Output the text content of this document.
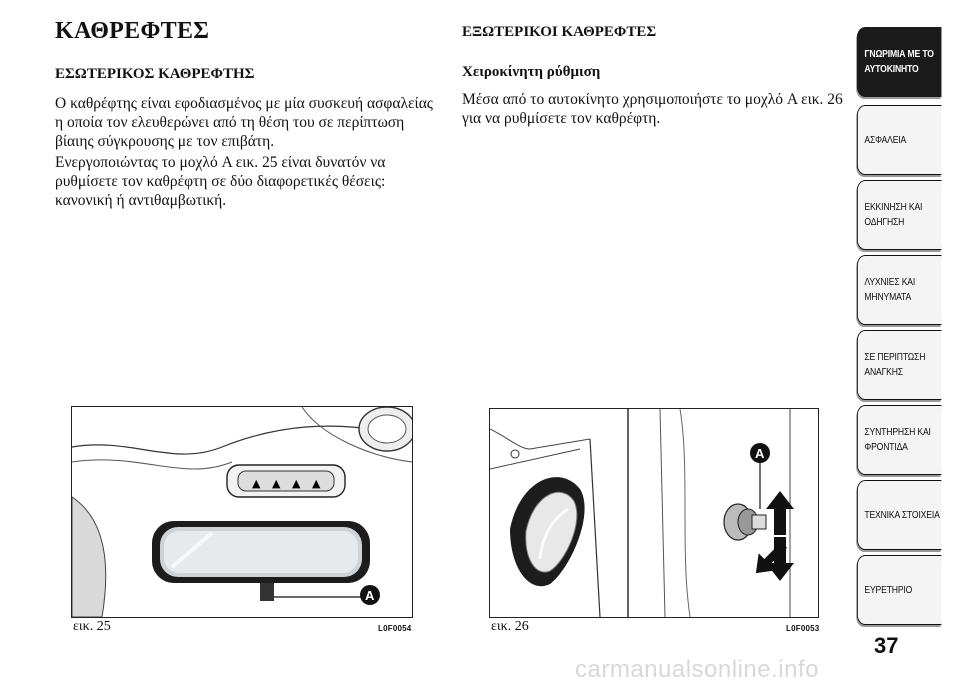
ΚΑΘΡΕΦΤΕΣ
ΕΣΩΤΕΡΙΚΟΣ ΚΑΘΡΕΦΤΗΣ
Ο καθρέφτης είναι εφοδιασμένος με μία συσκευή ασφαλείας η οποία τον ελευθερώνει από τη θέση του σε περίπτωση βίαιης σύγκρουσης με τον επιβάτη.
Ενεργοποιώντας το μοχλό A εικ. 25 είναι δυνατόν να ρυθμίσετε τον καθρέφτη σε δύο διαφορετικές θέσεις: κανονική ή αντιθαμβωτική.
ΕΞΩΤΕΡΙΚΟΙ ΚΑΘΡΕΦΤΕΣ
Χειροκίνητη ρύθμιση
Μέσα από το αυτοκίνητο χρησιμοποιήστε το μοχλό A εικ. 26 για να ρυθμίσετε τον καθρέφτη.
▲ ▲ ▲ ▲
A
εικ. 25	L0F0054
A
εικ. 26	L0F0053
ΓΝΩΡΙΜΙΑ ΜΕ ΤΟ ΑΥΤΟΚΙΝΗΤΟ
ΑΣΦΑΛΕΙΑ
ΕΚΚΙΝΗΣΗ ΚΑΙ ΟΔΗΓΗΣΗ
ΛΥΧΝΙΕΣ ΚΑΙ ΜΗΝΥΜΑΤΑ
ΣΕ ΠΕΡΙΠΤΩΣΗ ΑΝΑΓΚΗΣ
ΣΥΝΤΗΡΗΣΗ ΚΑΙ ΦΡΟΝΤΙΔΑ
ΤΕΧΝΙΚΑ ΣΤΟΙΧΕΙΑ
ΕΥΡΕΤΗΡΙΟ
37
carmanualsonline.info
